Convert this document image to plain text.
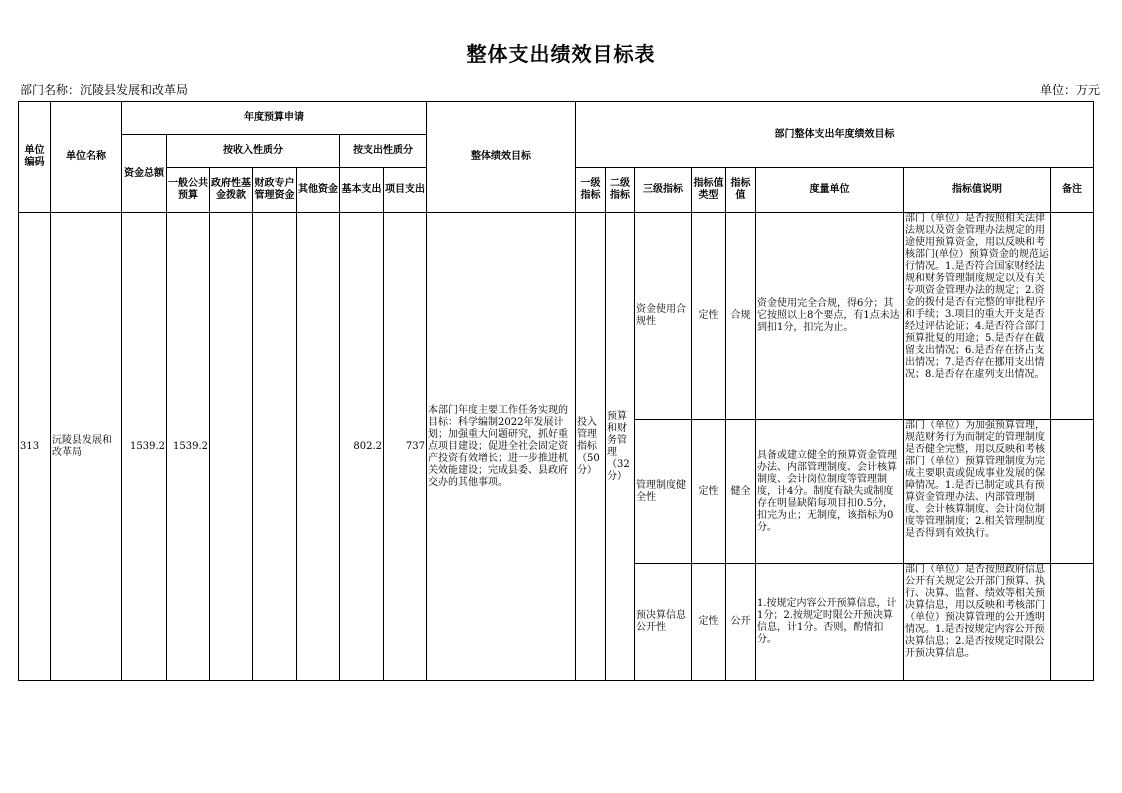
整体支出绩效目标表
部门名称：沉陵县发展和改革局	单位：万元
单位编码	单位名称	年度预算申请							整体绩效目标	部门整体支出年度绩效目标							
		资金总额	按收入性质分				按支出性质分										
			一般公共预算	政府性基金拨款	财政专户管理资金	其他资金	基本支出	项目支出		一级指标	二级指标	三级指标	指标值类型	指标值	度量单位	指标值说明	备注
313	沅陵县发展和改革局	1539.2	1539.2				802.2	737	本部门年度主要工作任务实现的目标：科学编制2022年发展计划；加强重大问题研究，抓好重点项目建设；促进全社会固定资产投资有效增长；进一步推进机关效能建设；完成县委、县政府交办的其他事项。	投入管理指标（50分）	预算和财务管理（32分）	资金使用合规性	定性	合规	资金使用完全合规，得6分；其它按照以上8个要点，有1点未达到扣1分，扣完为止。	部门（单位）是否按照相关法律法规以及资金管理办法规定的用途使用预算资金，用以反映和考核部门(单位）预算资金的规范运行情况。1.是否符合国家财经法规和财务管理制度规定以及有关专项资金管理办法的规定；2.资金的拨付是否有完整的审批程序和手续；3.项目的重大开支是否经过评估论证；4.是否符合部门预算批复的用途；5.是否存在截留支出情况；6.是否存在挤占支出情况；7.是否存在挪用支出情况；8.是否存在虚列支出情况。	

												管理制度健全性	定性	健全	具备或建立健全的预算资金管理办法、内部管理制度、会计核算制度、会计岗位制度等管理制度，计4分。制度有缺失或制度存在明显缺陷每项目扣0.5分，扣完为止；无制度，该指标为0分。	部门（单位）为加强预算管理，规范财务行为而制定的管理制度是否健全完整，用以反映和考核部门（单位）预算管理制度为完成主要职责或促成事业发展的保障情况。1.是否已制定或具有预算资金管理办法、内部管理制度、会计核算制度、会计岗位制度等管理制度；2.相关管理制度是否得到有效执行。	

												预决算信息公开性	定性	公开	1.按规定内容公开预算信息，计1分；2.按规定时限公开预决算信息，计1分。否则，酌情扣分。	部门（单位）是否按照政府信息公开有关规定公开部门预算、执行、决算、监督、绩效等相关预决算信息，用以反映和考核部门（单位）预决算管理的公开透明情况。1.是否按规定内容公开预决算信息；2.是否按规定时限公开预决算信息。	
